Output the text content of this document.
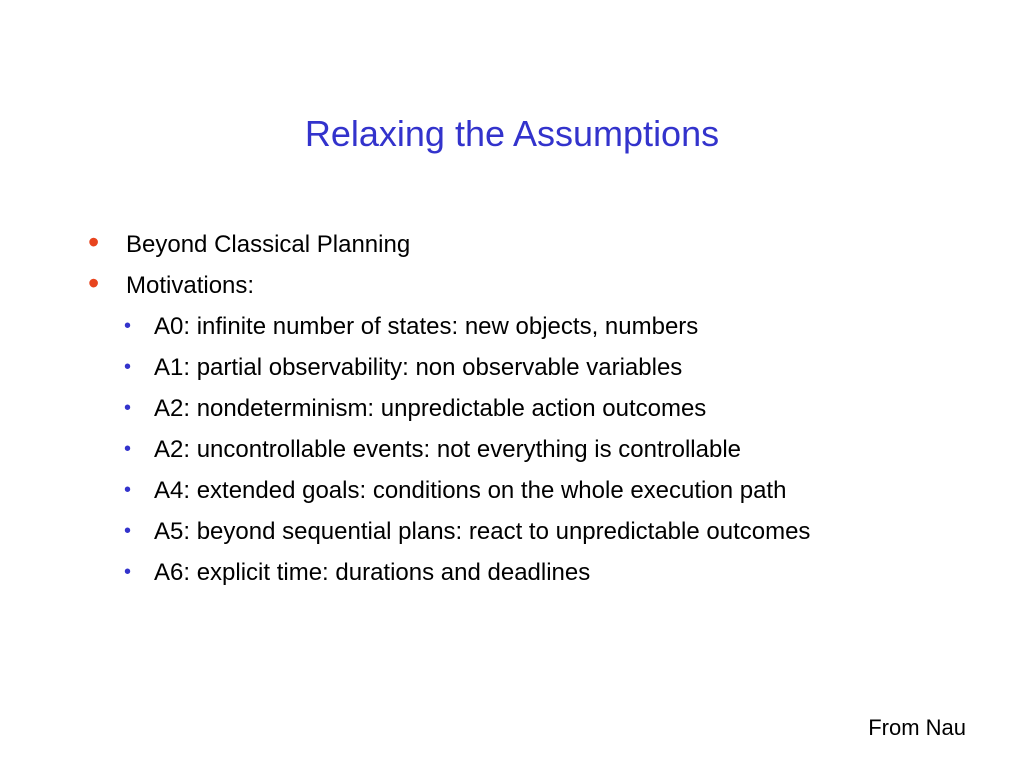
Relaxing the Assumptions
• Beyond Classical Planning
• Motivations:
• A0: infinite number of states: new objects, numbers
• A1: partial observability: non observable variables
• A2: nondeterminism: unpredictable action outcomes
• A2: uncontrollable events: not everything is controllable
• A4: extended goals: conditions on the whole execution path
• A5: beyond sequential plans: react to unpredictable outcomes
• A6: explicit time: durations and deadlines
From Nau
